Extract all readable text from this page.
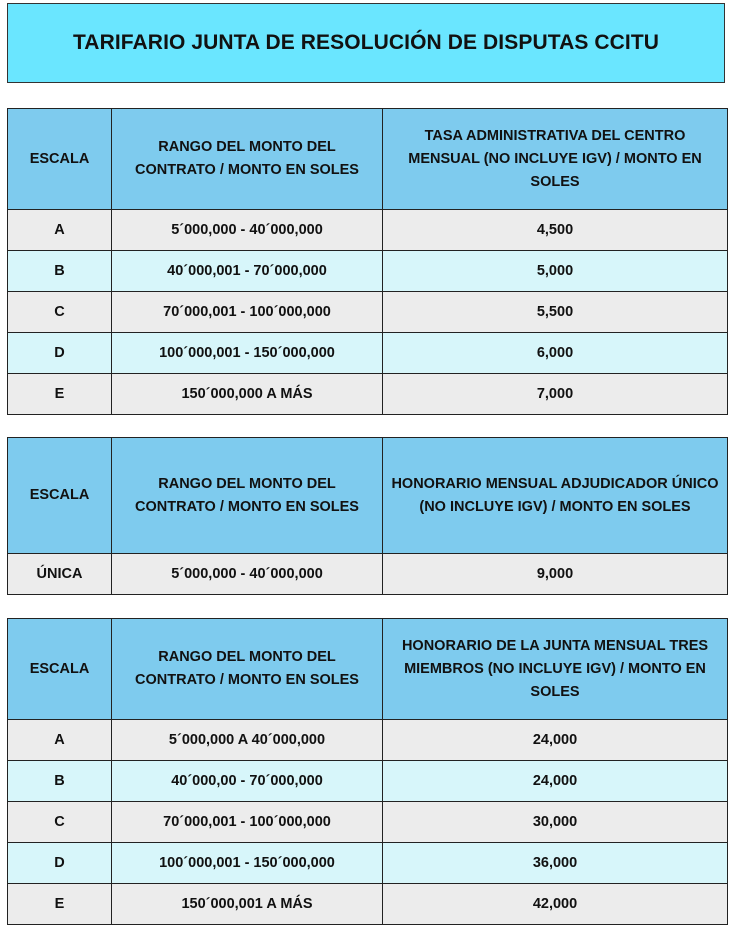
TARIFARIO JUNTA DE RESOLUCIÓN DE DISPUTAS CCITU
ESCALA	RANGO DEL MONTO DEL CONTRATO / MONTO EN SOLES	TASA ADMINISTRATIVA DEL CENTRO MENSUAL (NO INCLUYE IGV) / MONTO EN SOLES
A	5´000,000 - 40´000,000	4,500
B	40´000,001 - 70´000,000	5,000
C	70´000,001 - 100´000,000	5,500
D	100´000,001 - 150´000,000	6,000
E	150´000,000 A MÁS	7,000
ESCALA	RANGO DEL MONTO DEL CONTRATO / MONTO EN SOLES	HONORARIO MENSUAL ADJUDICADOR ÚNICO (NO INCLUYE IGV) / MONTO EN SOLES
ÚNICA	5´000,000 - 40´000,000	9,000
ESCALA	RANGO DEL MONTO DEL CONTRATO / MONTO EN SOLES	HONORARIO DE LA JUNTA MENSUAL TRES MIEMBROS (NO INCLUYE IGV) / MONTO EN SOLES
A	5´000,000 A 40´000,000	24,000
B	40´000,00 - 70´000,000	24,000
C	70´000,001 - 100´000,000	30,000
D	100´000,001 - 150´000,000	36,000
E	150´000,001 A MÁS	42,000
